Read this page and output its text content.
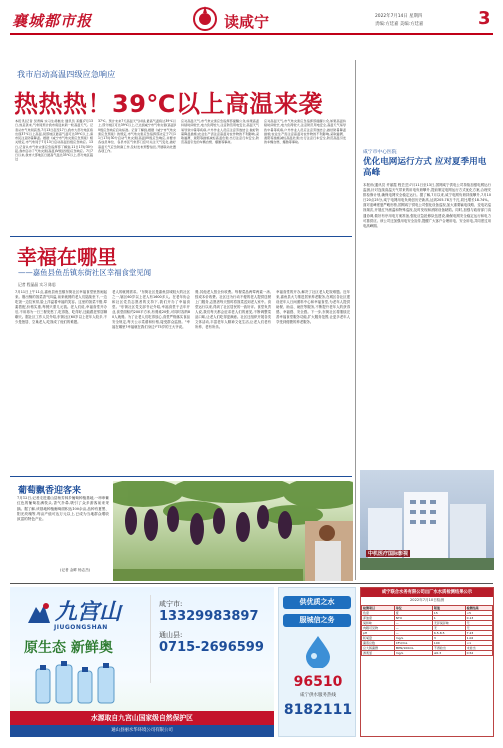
襄城都市报	读咸宁	2022年7月14日 星期四
责编:方廷嘉 美编:方廷嘉	3
我市启动高温四级应急响应
热热热！39℃以上高温来袭
本报讯(记者 吴青梅 实习生胡楷龙 通讯员 邓璐)7月13日,热意袭来,气象局预计我市将迎来新一轮高温天气。记者从市气象局获悉,7月13日起至17日,我市大部分地区将出现37℃以上高温,局部地区最高气温可达39℃以上,请市民注意防暑降温。根据《咸宁市气象灾害应急预案》相关规定,市气象局于7月13日启动高温四级应急响应。13日,记者从市气象灾害应急指挥部了解到,11日17时30分起,我市启动了气象灾害(高温)IV级(四级)应急响应。7月7日以来,我市大部地区日最高气温达35℃以上,部分地区超过
37℃。预计未来7天高温天气持续,最高气温将达39℃以上,部分地区可达39℃以上,已达到咸宁市气象灾害(高温)IV级应急响应启动标准。记者了解到,根据《咸宁市气象灾害应急预案》的规定,市气象灾害应急指挥部决定于7月11日17时30分启动气象灾害(高温)IV级应急响应,并要求各成员单位、各县市区气象部门密切关注天气变化,做好高温天气应急防御工作,及时发布预警信息,开展联动处置各项工作。
应对高温天气,市气象灾害应急指挥部提醒公众,如果高温持续时间较长,电力负荷较大,注意防范用电安全,高温天气易导致中暑等疾病,户外作业人员应注意劳逸结合,做好防暑降温措施;农业生产需注意高温对农作物的不利影响,采取灌溉、遮阳等措施减轻高温危害;出行注意行车安全,防范高温引发的车辆自燃、爆胎等事故。
应对高温天气,市气象灾害应急指挥部提醒公众,如果高温持续时间较长,电力负荷较大,注意防范用电安全,高温天气易导致中暑等疾病,户外作业人员应注意劳逸结合,做好防暑降温措施;农业生产需注意高温对农作物的不利影响,采取灌溉、遮阳等措施减轻高温危害;出行注意行车安全,防范高温引发的车辆自燃、爆胎等事故。
咸宁市中心医院
优化电网运行方式 应对夏季用电高峰
本报讯(通讯员 许丽霞 程芸芸)7月11日至13日,国网咸宁供电公司持续加强电网运行监测,针对连续高温天气带来的用电负荷攀升,提前制定电网运行方式优化方案,合理安排检修计划,确保电网安全稳定运行。据了解,7月以来,咸宁电网负荷持续攀升,7月10日20点25分,咸宁电网用电负荷创历史新高,达到205.78万千瓦,同比增长18.74%。面对迎峰度夏严峻形势,国网咸宁供电公司强化设备巡视,加大重要输电线路、变电站巡视频次,开展红外测温和特殊巡视,及时发现和消除设备缺陷。同时,加强与政府部门沟通协调,做好有序用电方案准备,强化应急抢修队伍建设,确保电网安全稳定运行和电力可靠供应。该公司还加强用电安全宣传,提醒广大客户合理用电、安全用电,共同度过用电高峰期。
中机医疗国际影视
幸福在哪里
——嘉鱼县鱼岳镇东街社区幸福食堂见闻
记者 程晶晶 实习 陈思
7月11日上午11点,嘉鱼县鱼岳镇东街社区幸福食堂里热闹起来。刚出锅的饭菜香气四溢,前来就餐的老人们陆续坐下,一边吃饭一边拉家常,脸上洋溢着幸福的笑容。这里的饭菜不错,荤素搭配,价格实惠,每餐只需几元钱。老人们说,幸福食堂开办后,不用再为一日三餐发愁了,吃得饱、吃得好,还能跟老邻居聊聊天。据社区工作人员介绍,东街社区60岁以上老年人较多,不少是独居、空巢老人,吃饭成了他们的难题。
老人的就餐需求。"东街社区是嘉鱼县城较大的社区之一,辖区60岁以上老人有1600多人。在老年协会和社区党员志愿者的支持下,我们开办了幸福食堂。"东街社区党支部书记介绍,幸福食堂于去年开业,食堂面积约200平方米,有餐桌20张,可同时容纳80人就餐。为了让老人们吃得放心,食堂严格落实食品安全规定,每天公示菜谱和价格,接受群众监督。"幸福在哪里?幸福就在我们身边!"75岁的王大爷说。
餐,其他老人按全价收费。每餐菜品两荤两素一汤,按成本价收费。社区还为行动不便的老人提供送餐上门服务,志愿者每天按时将饭菜送到老人家中。食堂运行以来,得到了社区居民的一致好评。食堂负责人说,我们每天都会征求老人们的意见,不断调整菜品口味,让老人们吃得更满意。社区还组织开展各类文体活动,丰富老年人精神文化生活,让老人们老有所养、老有所乐。
幸福食堂的开办,解决了社区老人吃饭难题。近年来,嘉鱼县大力推进居家养老服务,在城区各社区建设老年人日间照料中心和幸福食堂,为老年人提供助餐、助洁、助医等服务,不断提升老年人的获得感、幸福感、安全感。下一步,东街社区将继续完善幸福食堂服务功能,扩大服务范围,让更多老年人享受到便捷的养老服务。
葡萄飘香迎客来
7月12日,记者走进通山县杨芳林乡葡萄种植基地,一串串紫红色的葡萄挂满枝头,香气扑鼻,吸引了众多游客前来采摘。据了解,该基地种植葡萄面积达100余亩,品种有夏黑、阳光玫瑰等,每亩产值可达万元以上,已成为当地群众增收致富的特色产业。
(记者 金畔 杨志杰)
九宫山
JIUGONGSHAN
原生态 新鲜奥
咸宁市:
13329983897
通山县:
0715-2696599
水源取自九宫山国家级自然保护区
通山县丽水华环境公司有限公司
供优质之水
服城信之务
96510
咸宁供水服务热线
8182111
咸宁联合水务有限公司出厂水水质检测结果公示
2022年7月10日检测
检测项目	单位	限值	检测结果
色度	度	15	<5
浑浊度	NTU	1	0.13
臭和味	—	无异臭异味	无
肉眼可见物	—	无	无
pH	—	6.5-8.5	7.23
耗氧量	mg/L	3	1.02
菌落总数	CFU/mL	100	<1
总大肠菌群	MPN/100mL	不得检出	未检出
游离氯	mg/L	≥0.3	0.52
